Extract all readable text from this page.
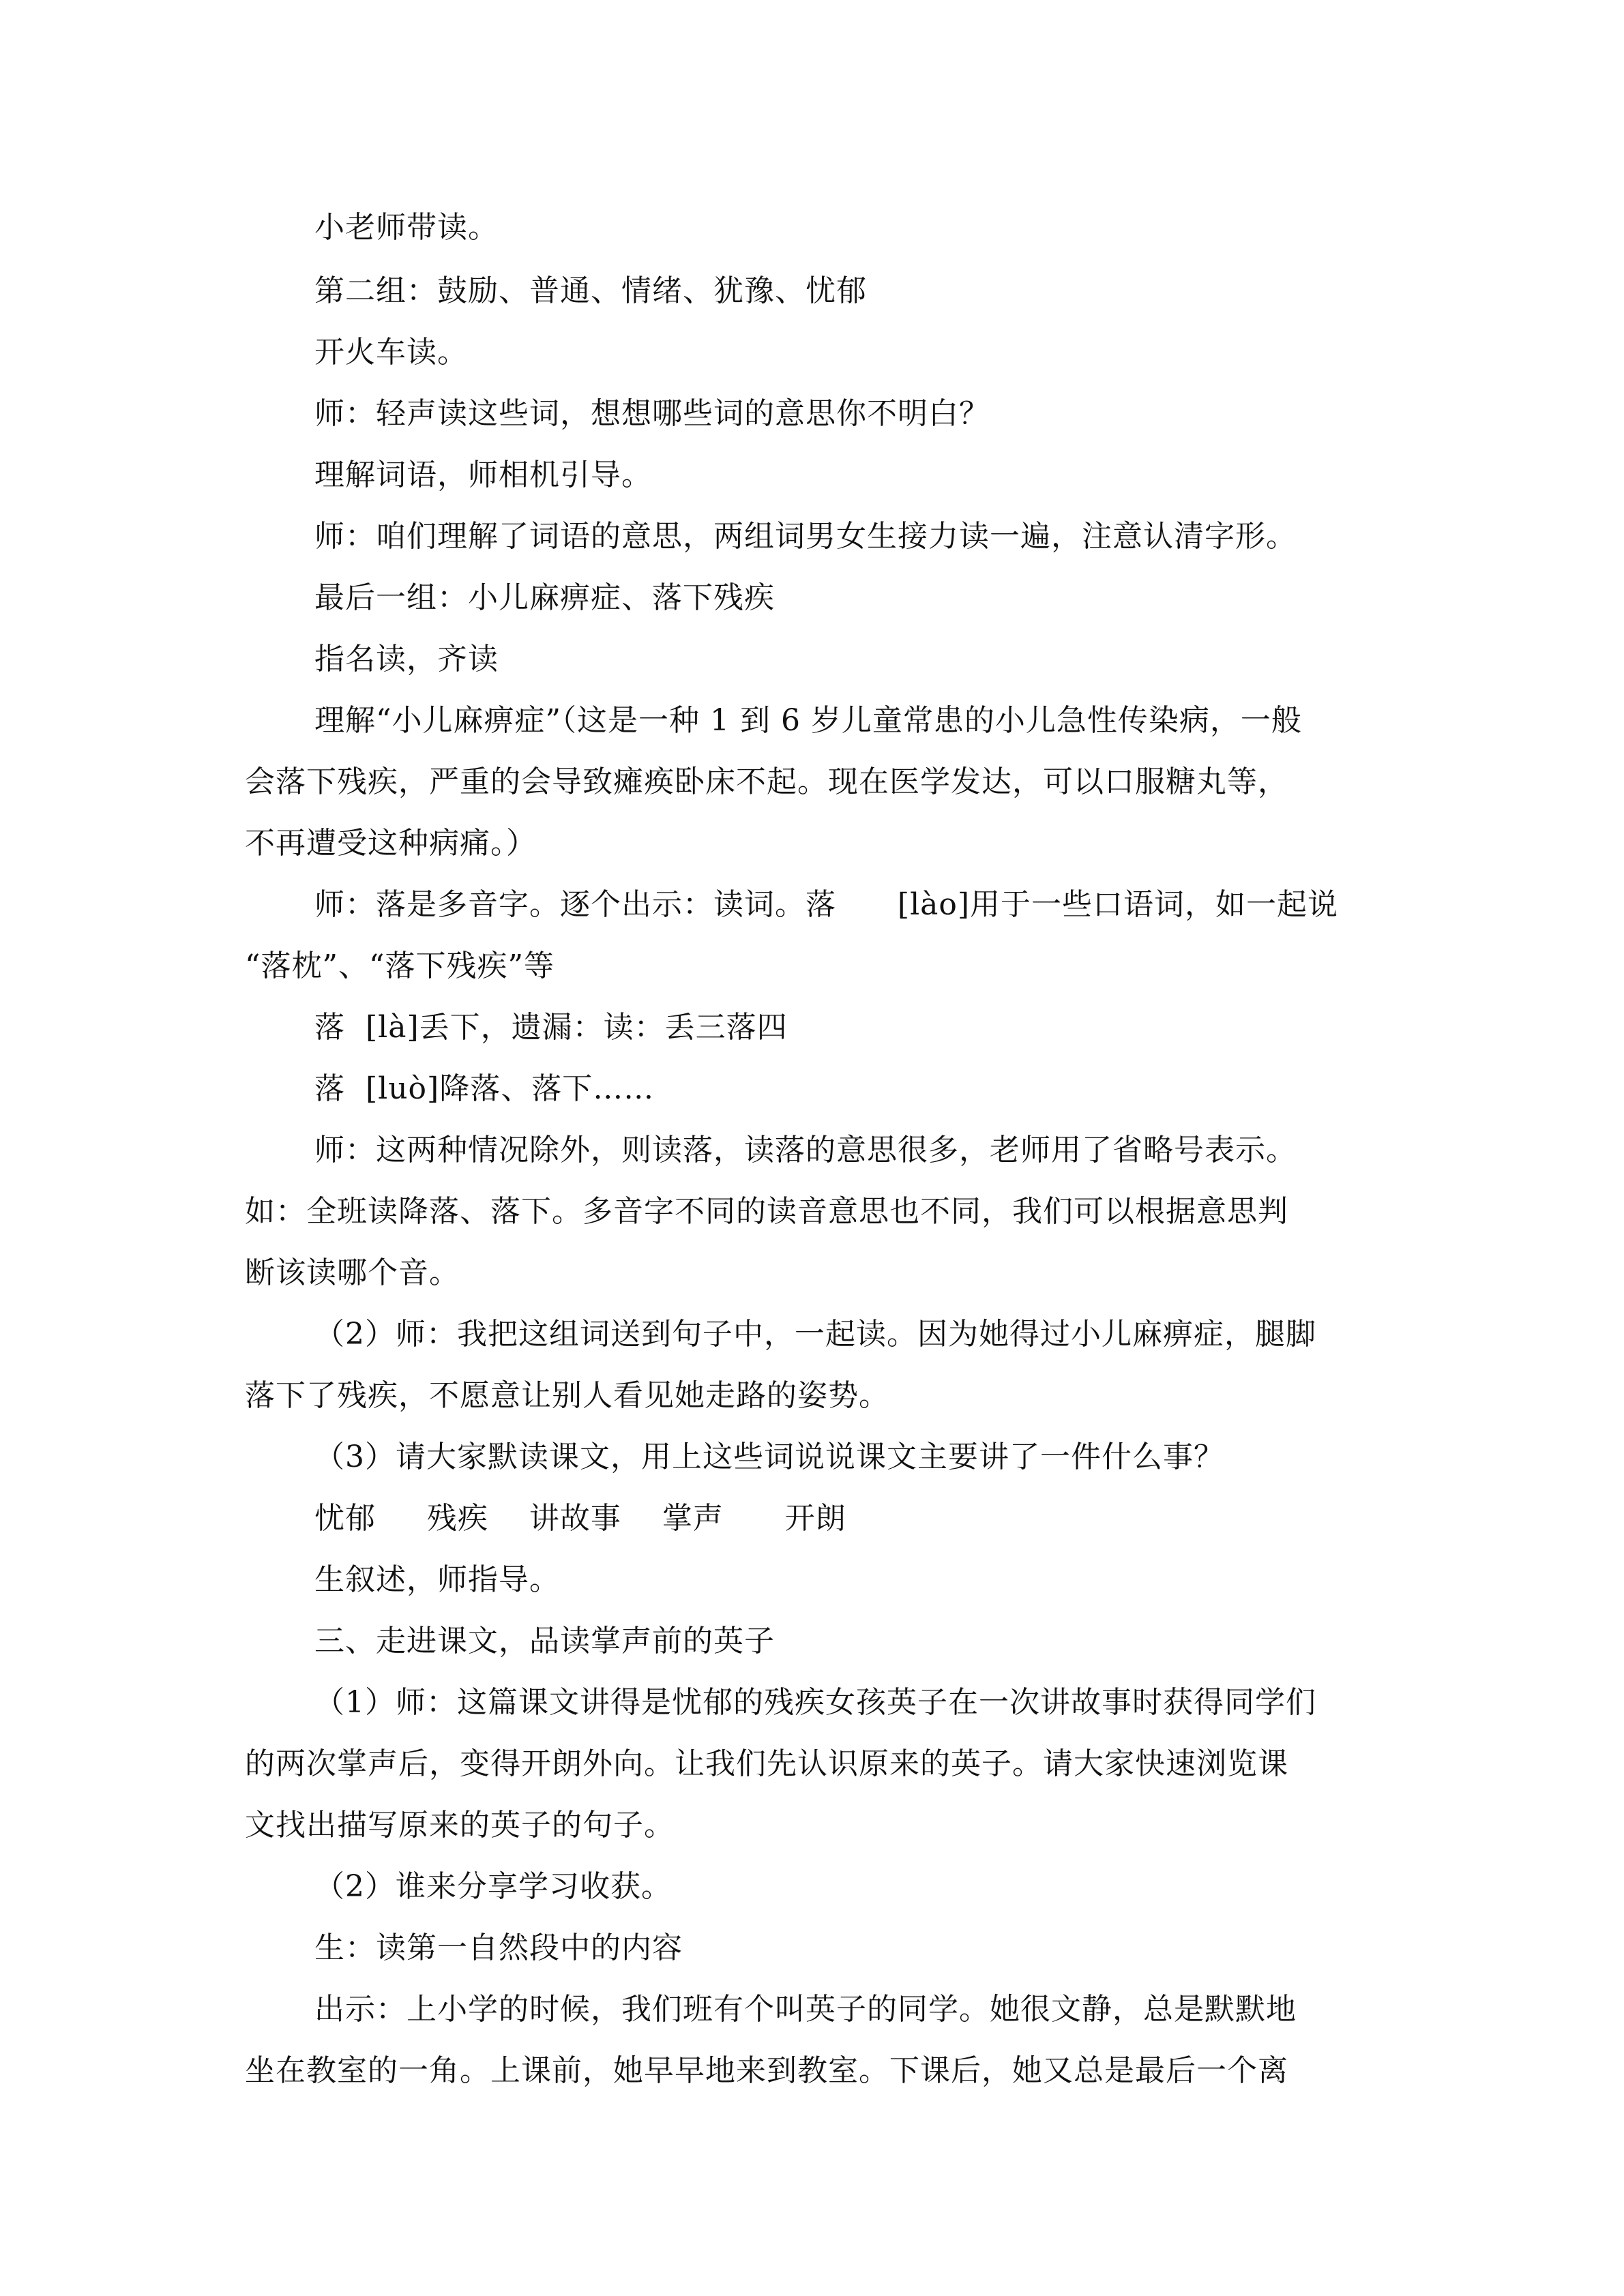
小老师带读。
第二组：鼓励、普通、情绪、犹豫、忧郁
开火车读。
师：轻声读这些词，想想哪些词的意思你不明白？
理解词语，师相机引导。
师：咱们理解了词语的意思，两组词男女生接力读一遍，注意认清字形。
最后一组：小儿麻痹症、落下残疾
指名读，齐读
理解“小儿麻痹症”（这是一种 1 到 6 岁儿童常患的小儿急性传染病，一般
会落下残疾，严重的会导致瘫痪卧床不起。现在医学发达，可以口服糖丸等，
不再遭受这种病痛。）
师：落是多音字。逐个出示：读词。落      [lào]用于一些口语词，如一起说
“落枕”、“落下残疾”等
落  [là]丢下，遗漏：读：丢三落四
落  [luò]降落、落下……
师：这两种情况除外，则读落，读落的意思很多，老师用了省略号表示。
如：全班读降落、落下。多音字不同的读音意思也不同，我们可以根据意思判
断该读哪个音。
（2）师：我把这组词送到句子中，一起读。因为她得过小儿麻痹症，腿脚
落下了残疾，不愿意让别人看见她走路的姿势。
（3）请大家默读课文，用上这些词说说课文主要讲了一件什么事？
忧郁     残疾    讲故事    掌声      开朗
生叙述，师指导。
三、走进课文，品读掌声前的英子
（1）师：这篇课文讲得是忧郁的残疾女孩英子在一次讲故事时获得同学们
的两次掌声后，变得开朗外向。让我们先认识原来的英子。请大家快速浏览课
文找出描写原来的英子的句子。
（2）谁来分享学习收获。
生：读第一自然段中的内容
出示：上小学的时候，我们班有个叫英子的同学。她很文静，总是默默地
坐在教室的一角。上课前，她早早地来到教室。下课后，她又总是最后一个离
